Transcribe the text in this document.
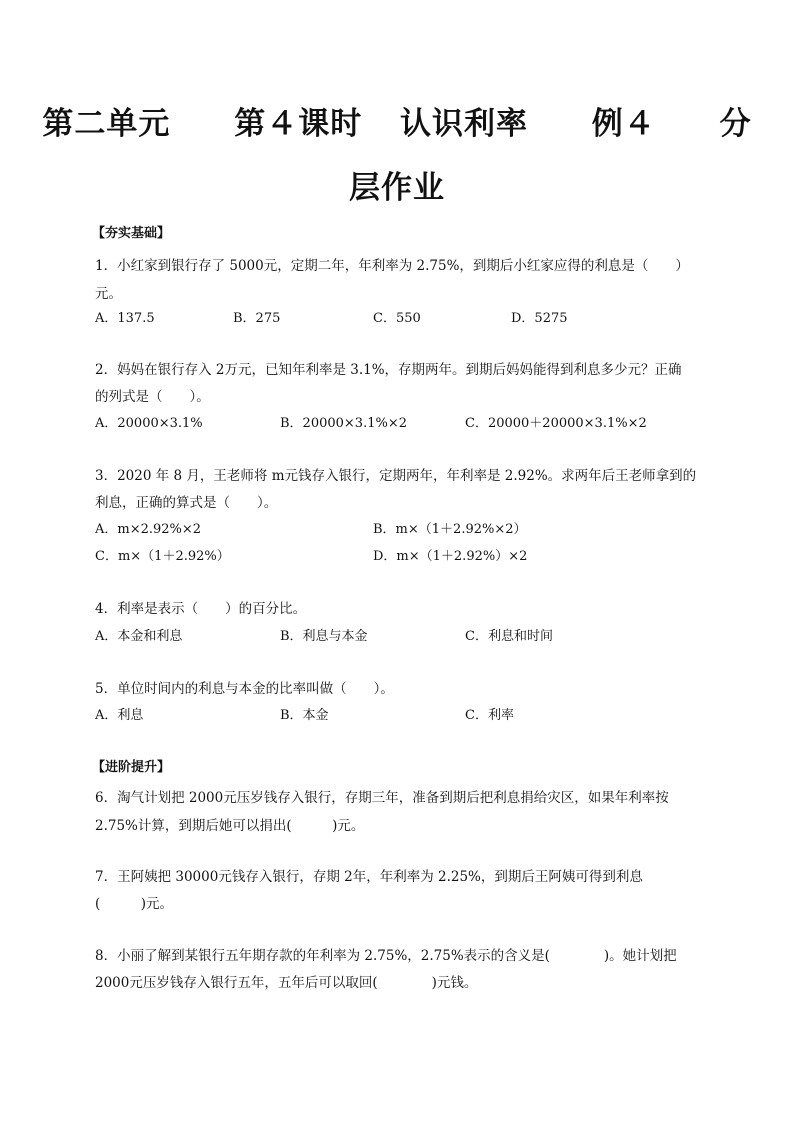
第二单元 第４课时 认识利率 例４ 分
层作业
【夯实基础】
1．小红家到银行存了 5000元，定期二年，年利率为 2.75%，到期后小红家应得的利息是（　　）
元。
A．137.5	B．275	C．550	D．5275
2．妈妈在银行存入 2万元，已知年利率是 3.1%，存期两年。到期后妈妈能得到利息多少元？正确
的列式是（　　）。
A．20000×3.1%	B．20000×3.1%×2	C．20000＋20000×3.1%×2
3．2020 年 8 月，王老师将 m元钱存入银行，定期两年，年利率是 2.92%。求两年后王老师拿到的
利息，正确的算式是（　　）。
A．m×2.92%×2	B．m×（1＋2.92%×2）
C．m×（1＋2.92%）	D．m×（1＋2.92%）×2
4．利率是表示（　　）的百分比。
A．本金和利息	B．利息与本金	C．利息和时间
5．单位时间内的利息与本金的比率叫做（　　）。
A．利息	B．本金	C．利率
【进阶提升】
6．淘气计划把 2000元压岁钱存入银行，存期三年，准备到期后把利息捐给灾区，如果年利率按
2.75%计算，到期后她可以捐出(　　　)元。
7．王阿姨把 30000元钱存入银行，存期 2年，年利率为 2.25%，到期后王阿姨可得到利息
(　　　)元。
8．小丽了解到某银行五年期存款的年利率为 2.75%，2.75%表示的含义是(　　　　)。她计划把
2000元压岁钱存入银行五年，五年后可以取回(　　　　)元钱。
